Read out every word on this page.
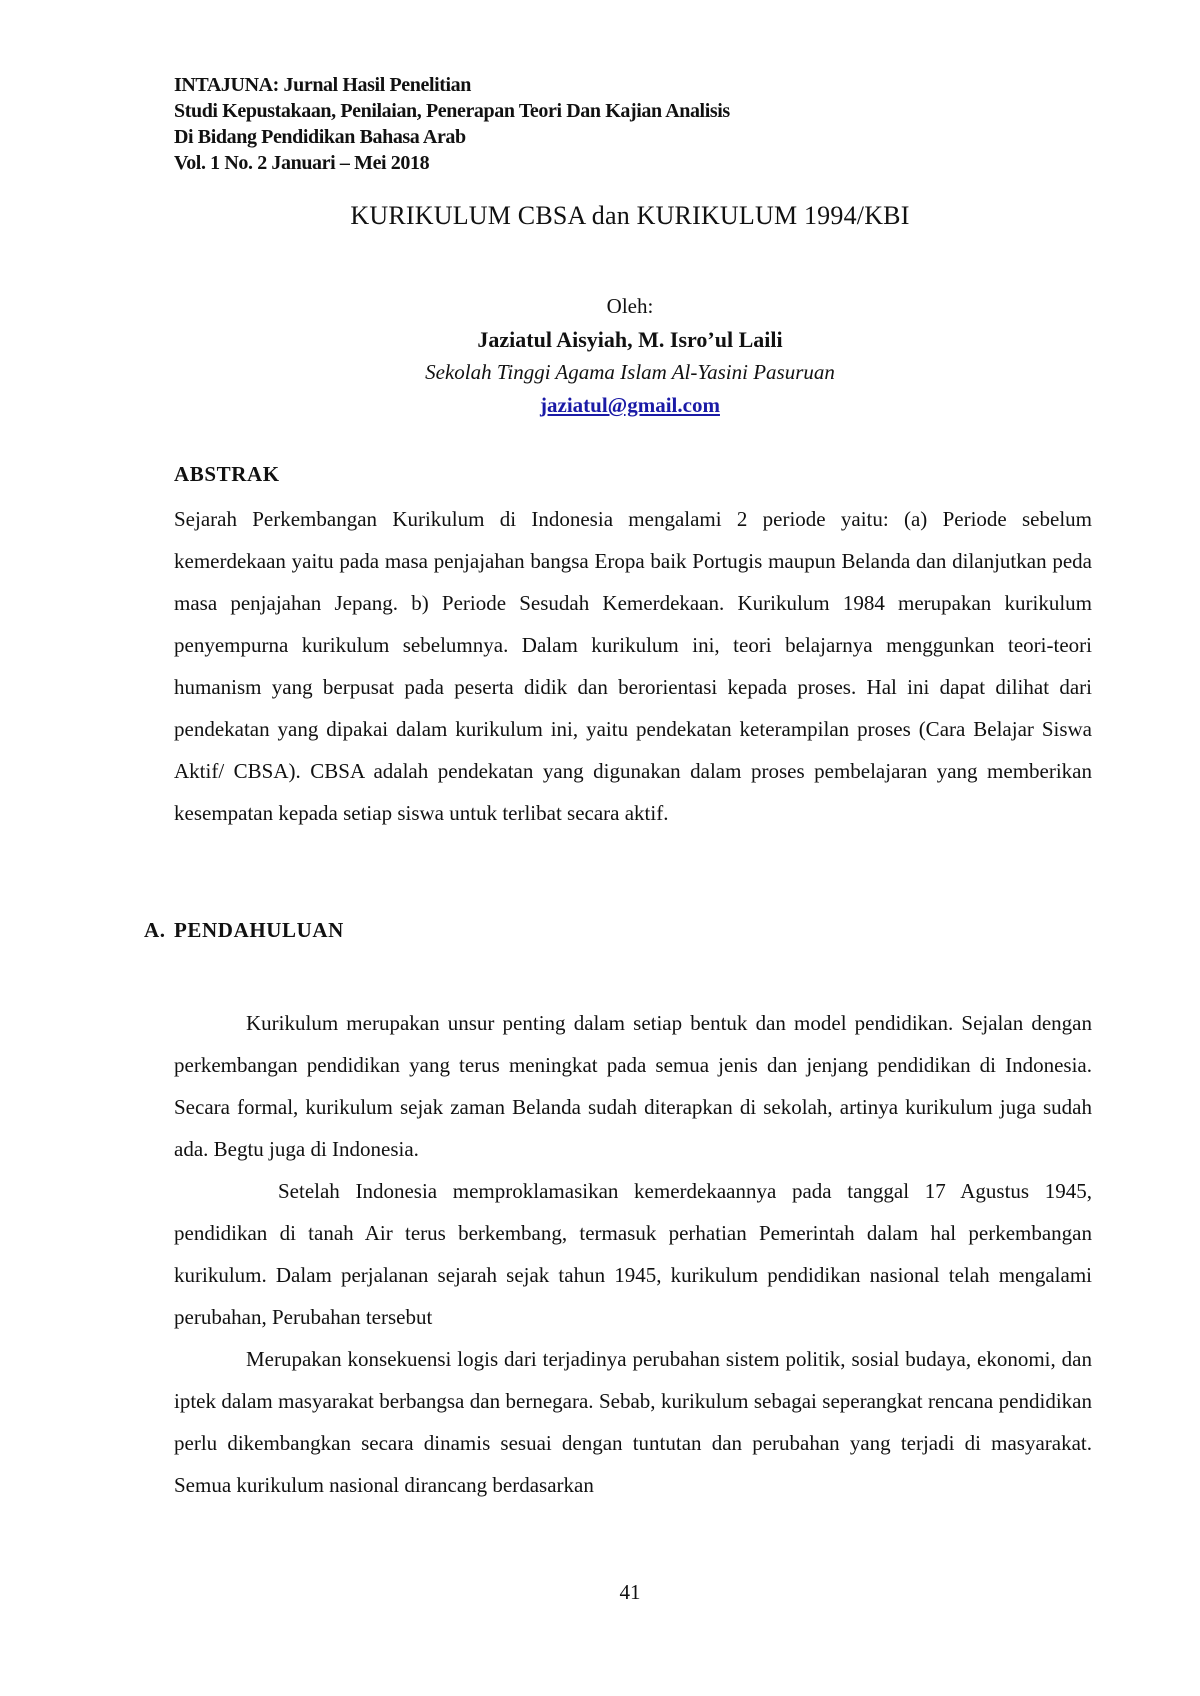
INTAJUNA: Jurnal Hasil Penelitian
Studi Kepustakaan, Penilaian, Penerapan Teori Dan Kajian Analisis
Di Bidang Pendidikan Bahasa Arab
Vol. 1 No. 2 Januari – Mei 2018
KURIKULUM CBSA dan KURIKULUM 1994/KBI
Oleh:
Jaziatul Aisyiah, M. Isro’ul Laili
Sekolah Tinggi Agama Islam Al-Yasini Pasuruan
jaziatul@gmail.com
ABSTRAK

Sejarah Perkembangan Kurikulum di Indonesia mengalami 2 periode yaitu: (a) Periode sebelum kemerdekaan yaitu pada masa penjajahan bangsa Eropa baik Portugis maupun Belanda dan dilanjutkan peda masa penjajahan Jepang. b) Periode Sesudah Kemerdekaan. Kurikulum 1984 merupakan kurikulum penyempurna kurikulum sebelumnya. Dalam kurikulum ini, teori belajarnya menggunkan teori-teori humanism yang berpusat pada peserta didik dan berorientasi kepada proses. Hal ini dapat dilihat dari pendekatan yang dipakai dalam kurikulum ini, yaitu pendekatan keterampilan proses (Cara Belajar Siswa Aktif/ CBSA). CBSA adalah pendekatan yang digunakan dalam proses pembelajaran yang memberikan kesempatan kepada setiap siswa untuk terlibat secara aktif.

A. PENDAHULUAN

Kurikulum merupakan unsur penting dalam setiap bentuk dan model pendidikan. Sejalan dengan perkembangan pendidikan yang terus meningkat pada semua jenis dan jenjang pendidikan di Indonesia. Secara formal, kurikulum sejak zaman Belanda sudah diterapkan di sekolah, artinya kurikulum juga sudah ada. Begtu juga di Indonesia.

Setelah Indonesia memproklamasikan kemerdekaannya pada tanggal 17 Agustus 1945, pendidikan di tanah Air terus berkembang, termasuk perhatian Pemerintah dalam hal perkembangan kurikulum. Dalam perjalanan sejarah sejak tahun 1945, kurikulum pendidikan nasional telah mengalami perubahan, Perubahan tersebut

Merupakan konsekuensi logis dari terjadinya perubahan sistem politik, sosial budaya, ekonomi, dan iptek dalam masyarakat berbangsa dan bernegara. Sebab, kurikulum sebagai seperangkat rencana pendidikan perlu dikembangkan secara dinamis sesuai dengan tuntutan dan perubahan yang terjadi di masyarakat. Semua kurikulum nasional dirancang berdasarkan

41
